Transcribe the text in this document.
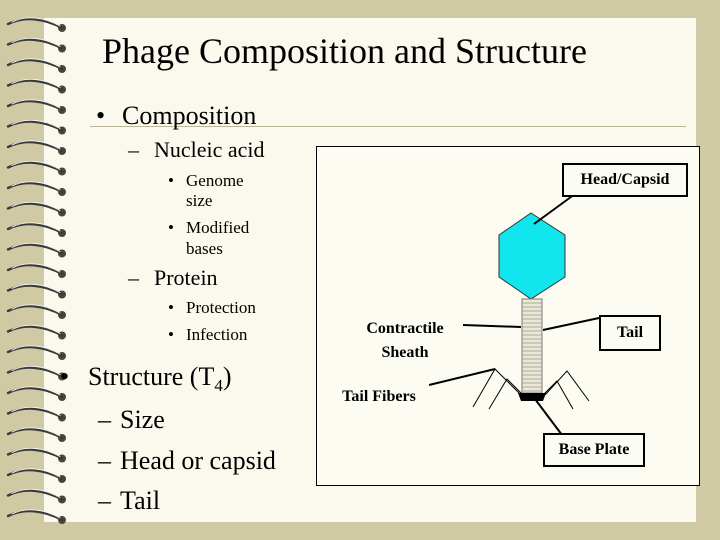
Phage Composition and Structure
• Composition
– Nucleic acid
• Genome
size
• Modified
bases
– Protein
• Protection
• Infection
• Structure $(T_4)$
– Size
– Head or capsid
– Tail
Head/Capsid
Contractile
Sheath
Tail
Tail Fibers
Base Plate
